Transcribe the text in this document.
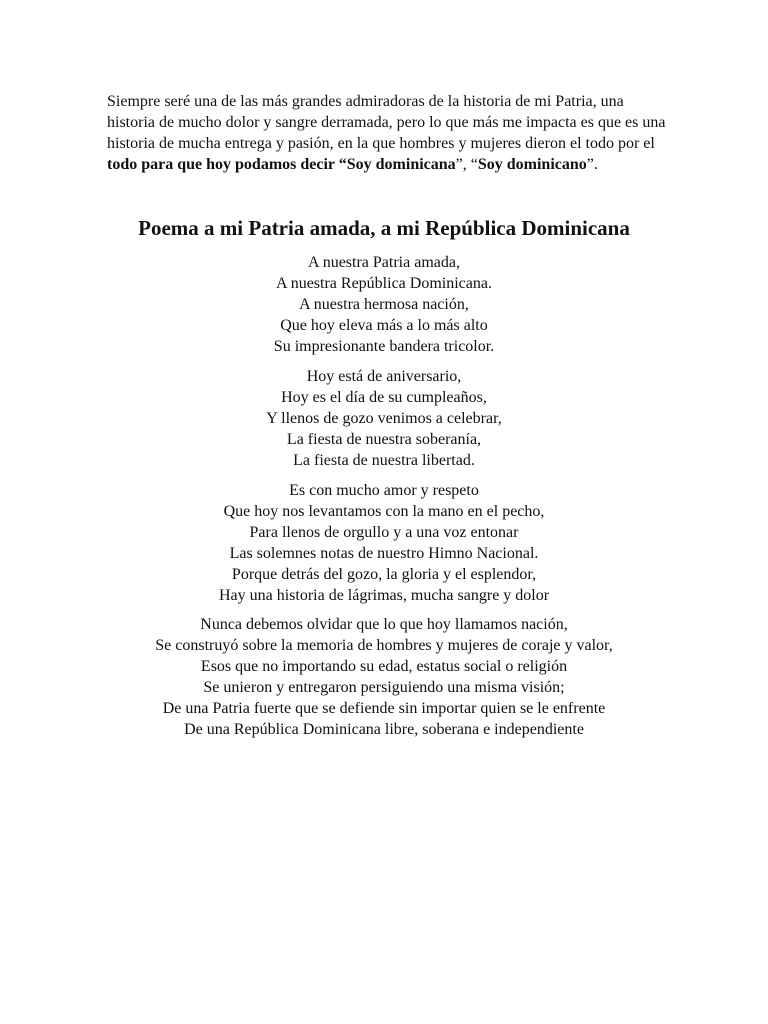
Siempre seré una de las más grandes admiradoras de la historia de mi Patria, una historia de mucho dolor y sangre derramada, pero lo que más me impacta es que es una historia de mucha entrega y pasión, en la que hombres y mujeres dieron el todo por el todo para que hoy podamos decir “Soy dominicana”, “Soy dominicano”.

Poema a mi Patria amada, a mi República Dominicana

A nuestra Patria amada,
A nuestra República Dominicana.
A nuestra hermosa nación,
Que hoy eleva más a lo más alto
Su impresionante bandera tricolor.

Hoy está de aniversario,
Hoy es el día de su cumpleaños,
Y llenos de gozo venimos a celebrar,
La fiesta de nuestra soberanía,
La fiesta de nuestra libertad.

Es con mucho amor y respeto
Que hoy nos levantamos con la mano en el pecho,
Para llenos de orgullo y a una voz entonar
Las solemnes notas de nuestro Himno Nacional.
Porque detrás del gozo, la gloria y el esplendor,
Hay una historia de lágrimas, mucha sangre y dolor

Nunca debemos olvidar que lo que hoy llamamos nación,
Se construyó sobre la memoria de hombres y mujeres de coraje y valor,
Esos que no importando su edad, estatus social o religión
Se unieron y entregaron persiguiendo una misma visión;
De una Patria fuerte que se defiende sin importar quien se le enfrente
De una República Dominicana libre, soberana e independiente
